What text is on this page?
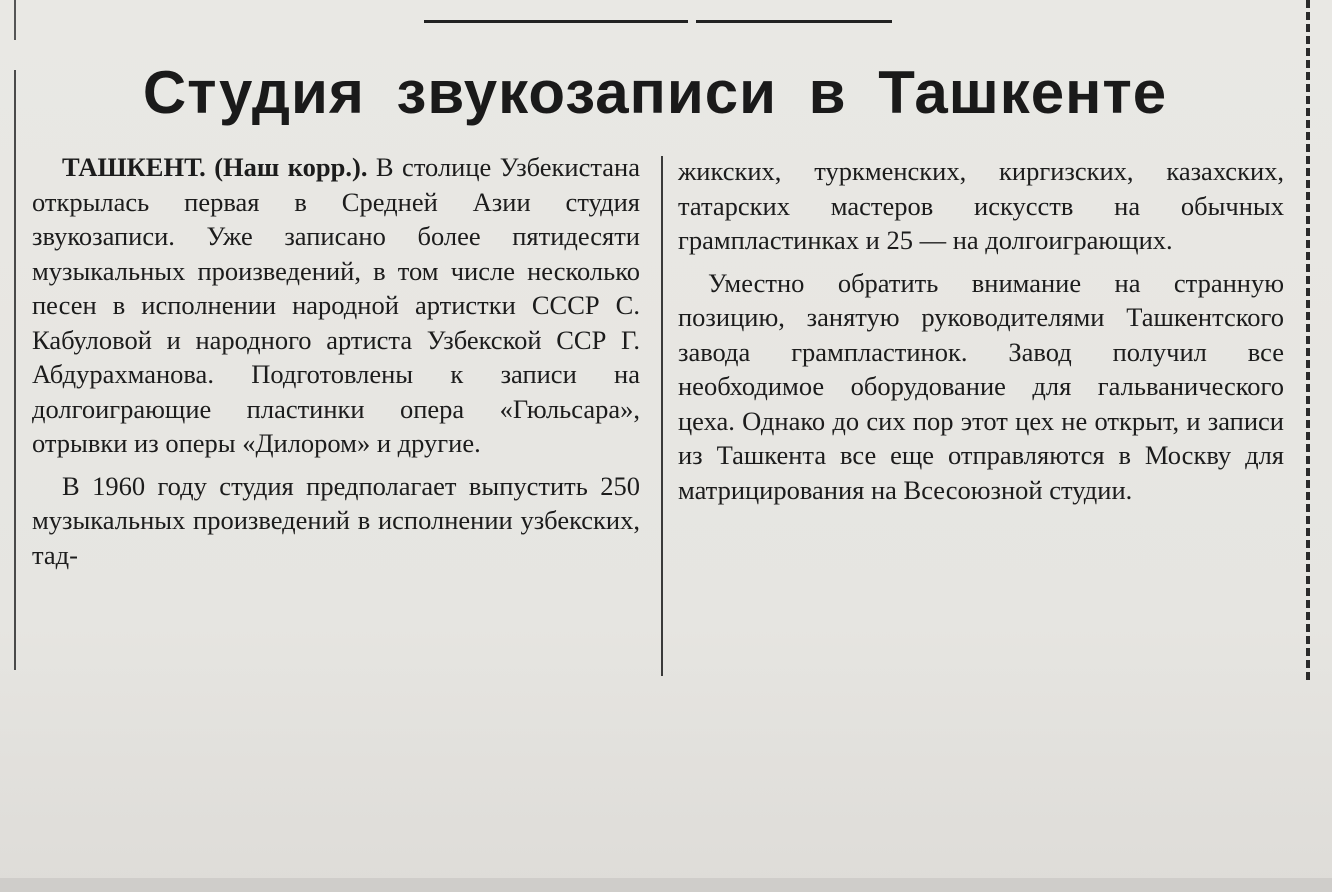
Студия звукозаписи в Ташкенте

ТАШКЕНТ. (Наш корр.). В столице Узбекистана открылась первая в Средней Азии студия звукозаписи. Уже записано более пятидесяти музыкальных произведений, в том числе несколько песен в исполнении народной артистки СССР С. Кабуловой и народного артиста Узбекской ССР Г. Абдурахманова. Подготовлены к записи на долгоиграющие пластинки опера «Гюльсара», отрывки из оперы «Дилором» и другие.

В 1960 году студия предполагает выпустить 250 музыкальных произведений в исполнении узбекских, тад-

жикских, туркменских, киргизских, казахских, татарских мастеров искусств на обычных грампластинках и 25 — на долгоиграющих.

Уместно обратить внимание на странную позицию, занятую руководителями Ташкентского завода грампластинок. Завод получил все необходимое оборудование для гальванического цеха. Однако до сих пор этот цех не открыт, и записи из Ташкента все еще отправляются в Москву для матрицирования на Всесоюзной студии.
